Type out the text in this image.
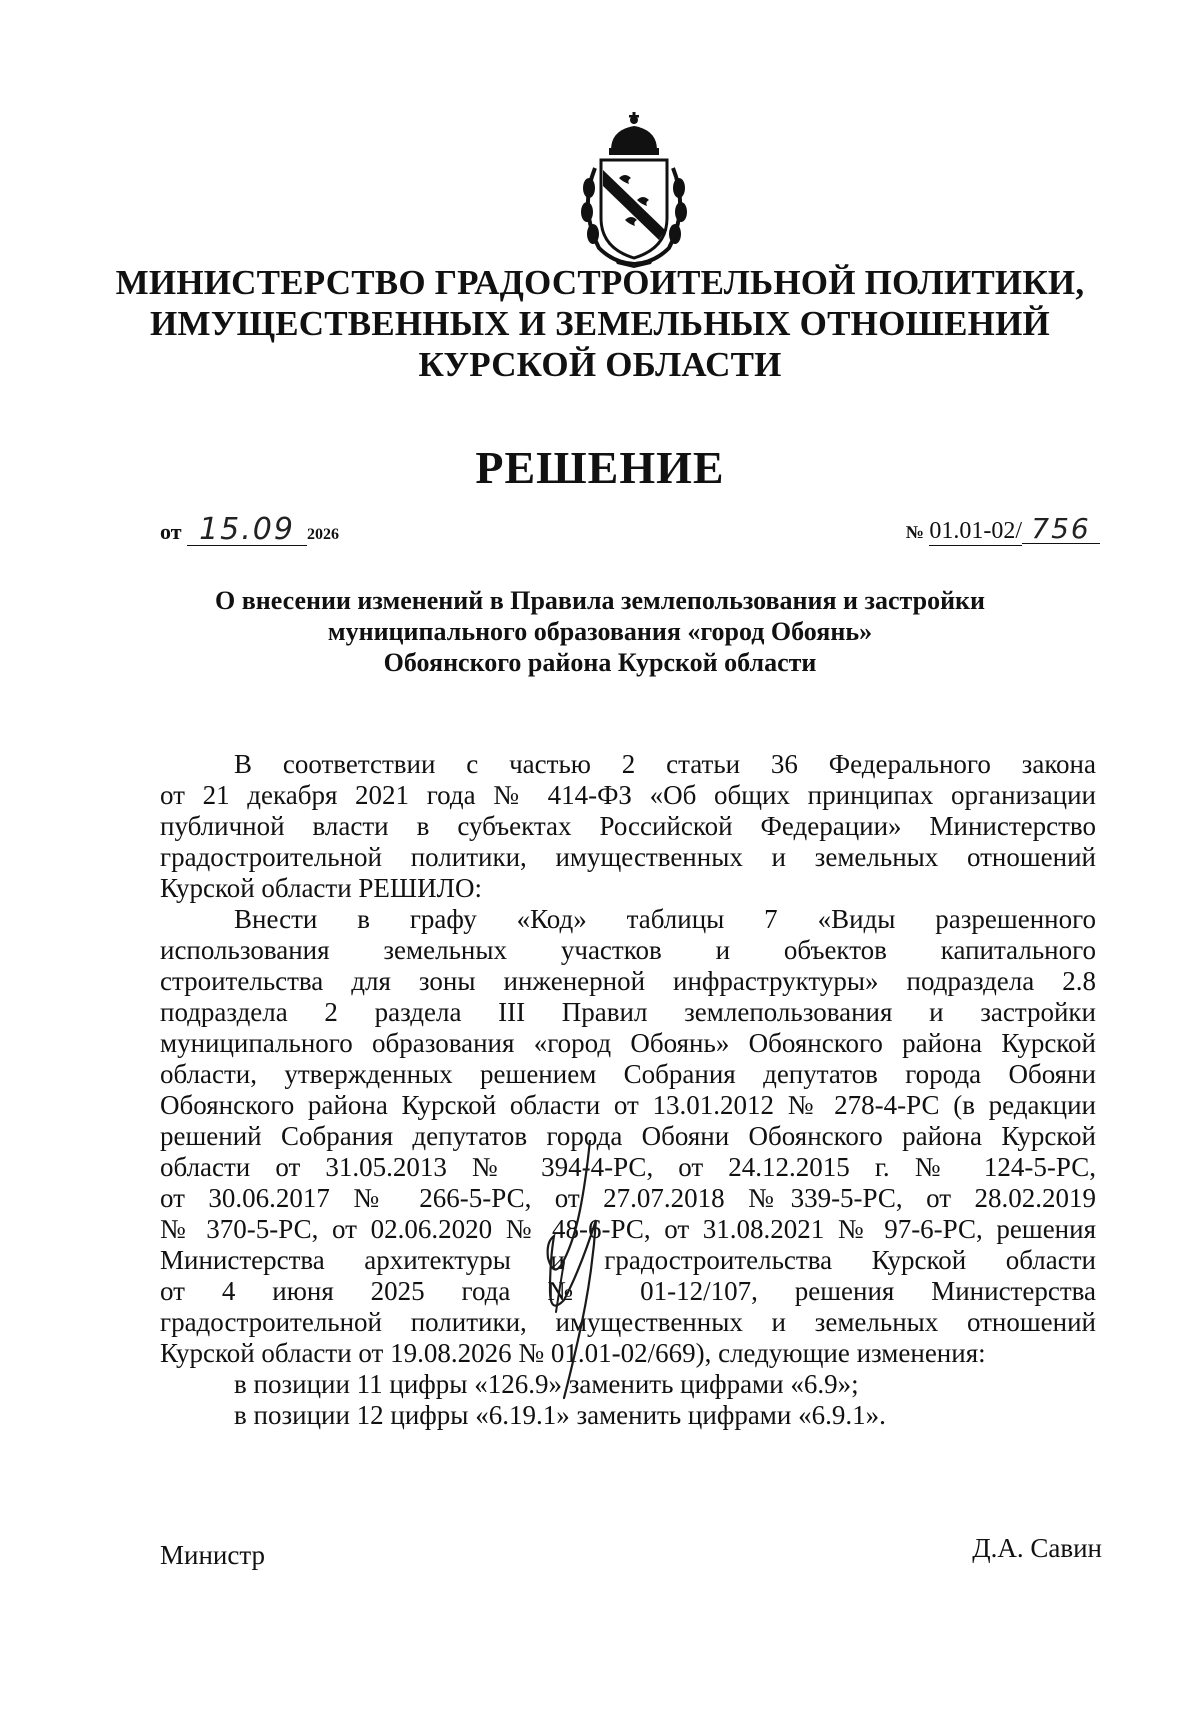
МИНИСТЕРСТВО ГРАДОСТРОИТЕЛЬНОЙ ПОЛИТИКИ,
ИМУЩЕСТВЕННЫХ И ЗЕМЕЛЬНЫХ ОТНОШЕНИЙ
КУРСКОЙ ОБЛАСТИ
РЕШЕНИЕ
от 15.09 2026	№ 01.01-02/ 756
О внесении изменений в Правила землепользования и застройки
муниципального образования «город Обоянь»
Обоянского района Курской области
В соответствии с частью 2 статьи 36 Федерального закона
от 21 декабря 2021 года № 414-ФЗ «Об общих принципах организации
публичной власти в субъектах Российской Федерации» Министерство
градостроительной политики, имущественных и земельных отношений
Курской области РЕШИЛО:
Внести в графу «Код» таблицы 7 «Виды разрешенного
использования земельных участков и объектов капитального
строительства для зоны инженерной инфраструктуры» подраздела 2.8
подраздела 2 раздела III Правил землепользования и застройки
муниципального образования «город Обоянь» Обоянского района Курской
области, утвержденных решением Собрания депутатов города Обояни
Обоянского района Курской области от 13.01.2012 № 278-4-РС (в редакции
решений Собрания депутатов города Обояни Обоянского района Курской
области от 31.05.2013 № 394-4-РС, от 24.12.2015 г. № 124-5-РС,
от 30.06.2017 № 266-5-РС, от 27.07.2018 №339-5-РС, от 28.02.2019
№ 370-5-РС, от 02.06.2020 № 48-6-РС, от 31.08.2021 № 97-6-РС, решения
Министерства архитектуры и градостроительства Курской области
от 4 июня 2025 года № 01-12/107, решения Министерства
градостроительной политики, имущественных и земельных отношений
Курской области от 19.08.2026 № 01.01-02/669), следующие изменения:
в позиции 11 цифры «126.9» заменить цифрами «6.9»;
в позиции 12 цифры «6.19.1» заменить цифрами «6.9.1».
Министр	Д.А. Савин
